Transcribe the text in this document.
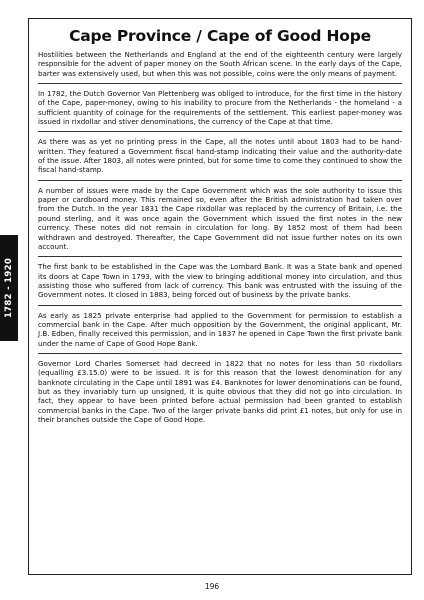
Cape Province / Cape of Good Hope

Hostilities between the Netherlands and England at the end of the eighteenth century were largely responsible for the advent of paper money on the South African scene. In the early days of the Cape, barter was extensively used, but when this was not possible, coins were the only means of payment.

In 1782, the Dutch Governor Van Plettenberg was obliged to introduce, for the first time in the history of the Cape, paper-money, owing to his inability to procure from the Netherlands - the homeland - a sufficient quantity of coinage for the requirements of the settlement. This earliest paper-money was issued in rixdollar and stiver denominations, the currency of the Cape at that time.

As there was as yet no printing press in the Cape, all the notes until about 1803 had to be hand-written. They featured a Government fiscal hand-stamp indicating their value and the authority-date of the issue. After 1803, all notes were printed, but for some time to come they continued to show the fiscal hand-stamp.

A number of issues were made by the Cape Government which was the sole authority to issue this paper or cardboard money. This remained so, even after the British administration had taken over from the Dutch. In the year 1831 the Cape rixdollar was replaced by the currency of Britain, i.e. the pound sterling, and it was once again the Government which issued the first notes in the new currency. These notes did not remain in circulation for long. By 1852 most of them had been withdrawn and destroyed. Thereafter, the Cape Government did not issue further notes on its own account.

The first bank to be established in the Cape was the Lombard Bank. It was a State bank and opened its doors at Cape Town in 1793, with the view to bringing additional money into circulation, and thus assisting those who suffered from lack of currency. This bank was entrusted with the issuing of the Government notes. It closed in 1883, being forced out of business by the private banks.

As early as 1825 private enterprise had applied to the Government for permission to establish a commercial bank in the Cape. After much opposition by the Government, the original applicant, Mr. J.B. Edben, finally received this permission, and in 1837 he opened in Cape Town the first private bank under the name of Cape of Good Hope Bank.

Governor Lord Charles Somerset had decreed in 1822 that no notes for less than 50 rixdollars (equalling £3.15.0) were to be issued. It is for this reason that the lowest denomination for any banknote circulating in the Cape until 1891 was £4. Banknotes for lower denominations can be found, but as they invariably turn up unsigned, it is quite obvious that they did not go into circulation. In fact, they appear to have been printed before actual permission had been granted to establish commercial banks in the Cape. Two of the larger private banks did print £1 notes, but only for use in their branches outside the Cape of Good Hope.

1782 - 1920
196
